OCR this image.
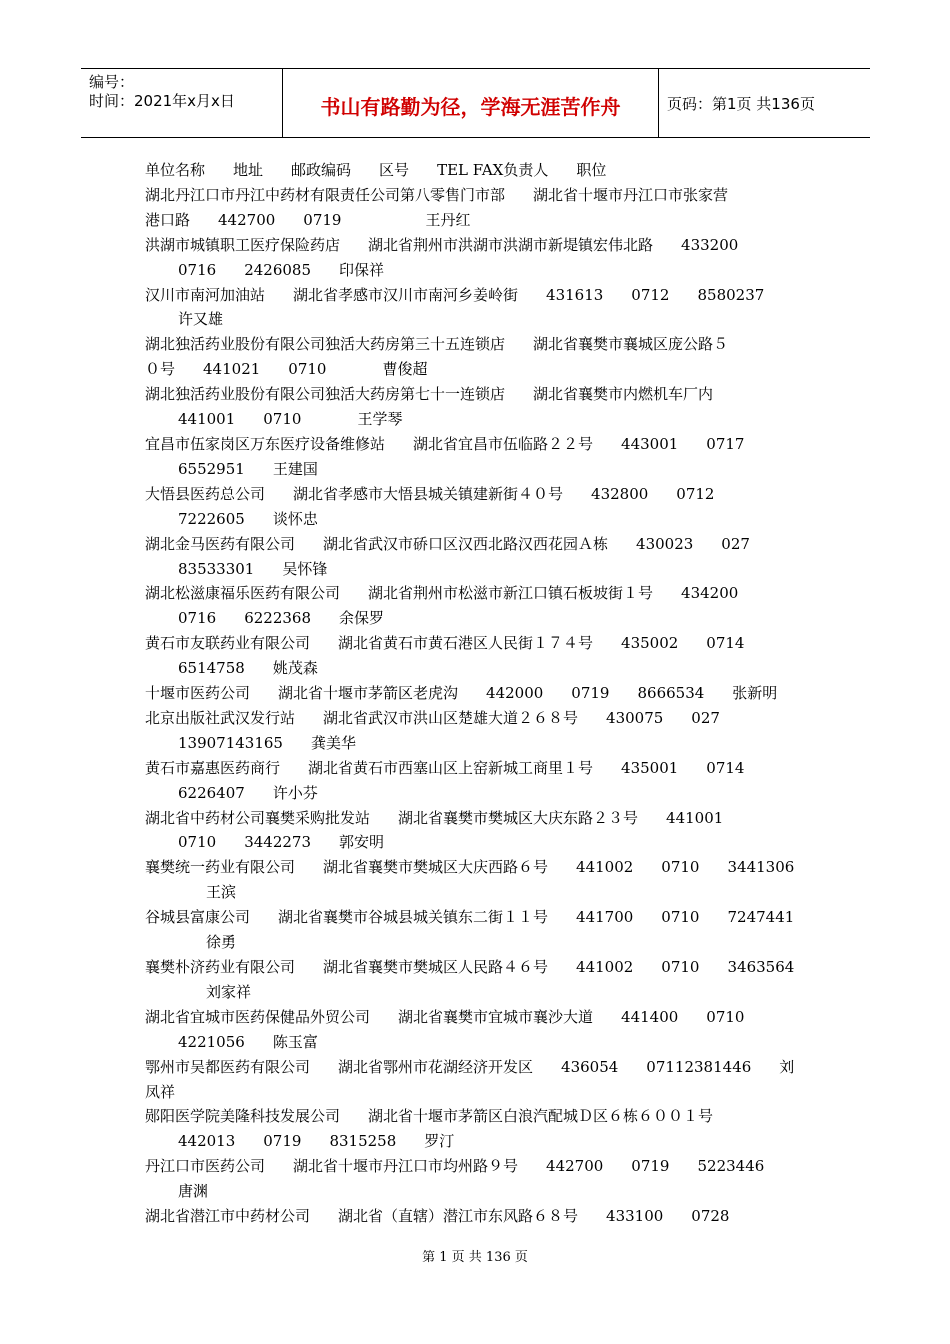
编号：
时间：2021年x月x日	书山有路勤为径，学海无涯苦作舟	页码：第1页 共136页
单位名称 地址 邮政编码 区号 TEL FAX负责人 职位
湖北丹江口市丹江中药材有限责任公司第八零售门市部 湖北省十堰市丹江口市张家营
港口路 442700 0719	王丹红
洪湖市城镇职工医疗保险药店 湖北省荆州市洪湖市洪湖市新堤镇宏伟北路 433200
0716 2426085 印保祥
汉川市南河加油站 湖北省孝感市汉川市南河乡姜岭街 431613 0712 8580237
许又雄
湖北独活药业股份有限公司独活大药房第三十五连锁店 湖北省襄樊市襄城区庞公路５
０号 441021 0710	曹俊超
湖北独活药业股份有限公司独活大药房第七十一连锁店 湖北省襄樊市内燃机车厂内
441001 0710	王学琴
宜昌市伍家岗区万东医疗设备维修站 湖北省宜昌市伍临路２２号 443001 0717
6552951 王建国
大悟县医药总公司 湖北省孝感市大悟县城关镇建新街４０号 432800 0712
7222605 谈怀忠
湖北金马医药有限公司 湖北省武汉市硚口区汉西北路汉西花园Ａ栋 430023 027
83533301 吴怀锋
湖北松滋康福乐医药有限公司 湖北省荆州市松滋市新江口镇石板坡街１号 434200
0716 6222368 余保罗
黄石市友联药业有限公司 湖北省黄石市黄石港区人民街１７４号 435002 0714
6514758 姚茂森
十堰市医药公司 湖北省十堰市茅箭区老虎沟 442000 0719 8666534 张新明
北京出版社武汉发行站 湖北省武汉市洪山区楚雄大道２６８号 430075 027
13907143165 龚美华
黄石市嘉惠医药商行 湖北省黄石市西塞山区上窑新城工商里１号 435001 0714
6226407 许小芬
湖北省中药材公司襄樊采购批发站 湖北省襄樊市樊城区大庆东路２３号 441001
0710 3442273 郭安明
襄樊统一药业有限公司 湖北省襄樊市樊城区大庆西路６号 441002 0710 3441306
王滨
谷城县富康公司 湖北省襄樊市谷城县城关镇东二街１１号 441700 0710 7247441
徐勇
襄樊朴济药业有限公司 湖北省襄樊市樊城区人民路４６号 441002 0710 3463564
刘家祥
湖北省宜城市医药保健品外贸公司 湖北省襄樊市宜城市襄沙大道 441400 0710
4221056 陈玉富
鄂州市吴都医药有限公司 湖北省鄂州市花湖经济开发区 436054 07112381446 刘
凤祥
郧阳医学院美隆科技发展公司 湖北省十堰市茅箭区白浪汽配城Ｄ区６栋６００１号
442013 0719 8315258 罗汀
丹江口市医药公司 湖北省十堰市丹江口市均州路９号 442700 0719 5223446
唐渊
湖北省潜江市中药材公司 湖北省（直辖）潜江市东风路６８号 433100 0728
第 1 页 共 136 页
